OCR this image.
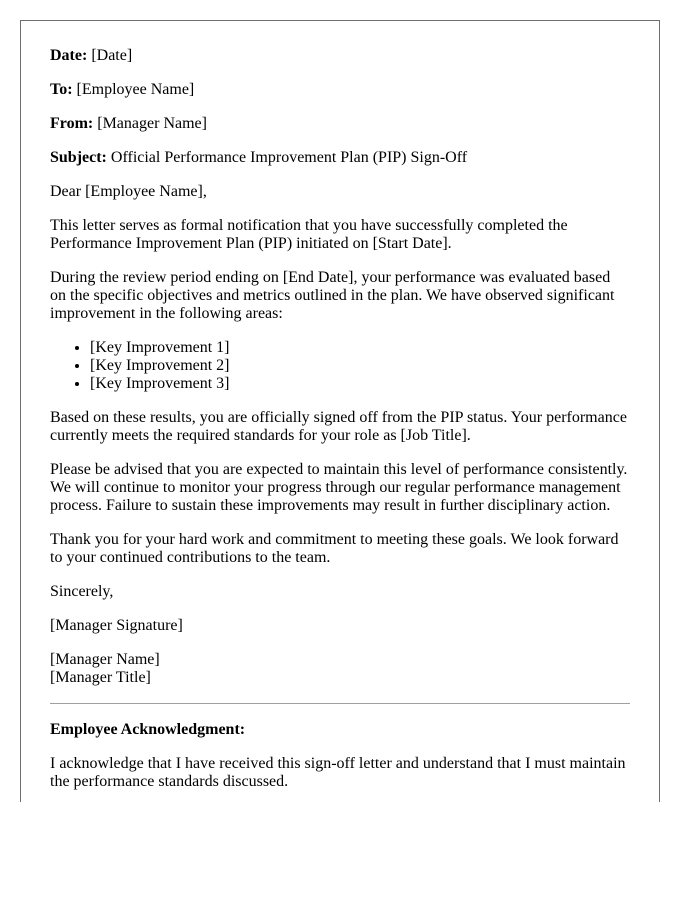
Date: [Date]

To: [Employee Name]

From: [Manager Name]

Subject: Official Performance Improvement Plan (PIP) Sign-Off

Dear [Employee Name],

This letter serves as formal notification that you have successfully completed the Performance Improvement Plan (PIP) initiated on [Start Date].

During the review period ending on [End Date], your performance was evaluated based on the specific objectives and metrics outlined in the plan. We have observed significant improvement in the following areas:

• [Key Improvement 1]
• [Key Improvement 2]
• [Key Improvement 3]

Based on these results, you are officially signed off from the PIP status. Your performance currently meets the required standards for your role as [Job Title].

Please be advised that you are expected to maintain this level of performance consistently. We will continue to monitor your progress through our regular performance management process. Failure to sustain these improvements may result in further disciplinary action.

Thank you for your hard work and commitment to meeting these goals. We look forward to your continued contributions to the team.

Sincerely,

[Manager Signature]

[Manager Name]
[Manager Title]

Employee Acknowledgment:

I acknowledge that I have received this sign-off letter and understand that I must maintain the performance standards discussed.
